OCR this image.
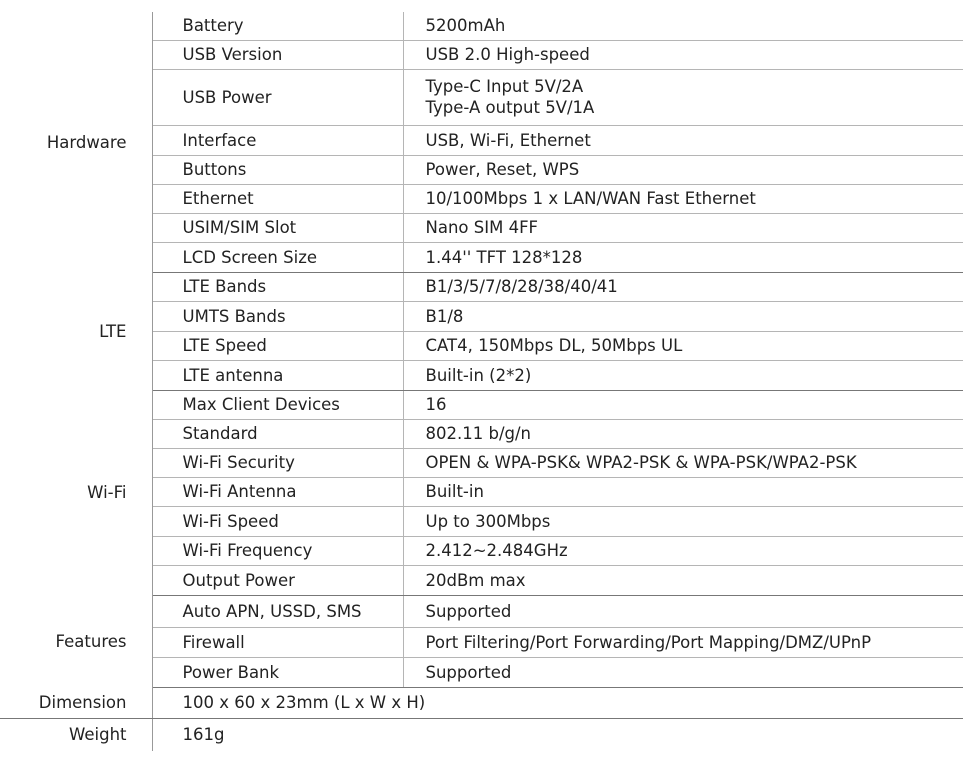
Hardware	Battery	5200mAh
	USB Version	USB 2.0 High-speed
	USB Power	Type-C Input 5V/2A
Type-A output 5V/1A

	Interface	USB, Wi-Fi, Ethernet
	Buttons	Power, Reset, WPS
	Ethernet	10/100Mbps 1 x LAN/WAN Fast Ethernet
	USIM/SIM Slot	Nano SIM 4FF
	LCD Screen Size	1.44'' TFT 128*128
LTE	LTE Bands	B1/3/5/7/8/28/38/40/41
	UMTS Bands	B1/8
	LTE Speed	CAT4, 150Mbps DL, 50Mbps UL
	LTE antenna	Built-in (2*2)
Wi-Fi	Max Client Devices	16
	Standard	802.11 b/g/n
	Wi-Fi Security	OPEN & WPA-PSK& WPA2-PSK & WPA-PSK/WPA2-PSK
	Wi-Fi Antenna	Built-in
	Wi-Fi Speed	Up to 300Mbps
	Wi-Fi Frequency	2.412~2.484GHz
	Output Power	20dBm max
Features	Auto APN, USSD, SMS	Supported
	Firewall	Port Filtering/Port Forwarding/Port Mapping/DMZ/UPnP
	Power Bank	Supported
Dimension	100 x 60 x 23mm (L x W x H)	
Weight	161g	
